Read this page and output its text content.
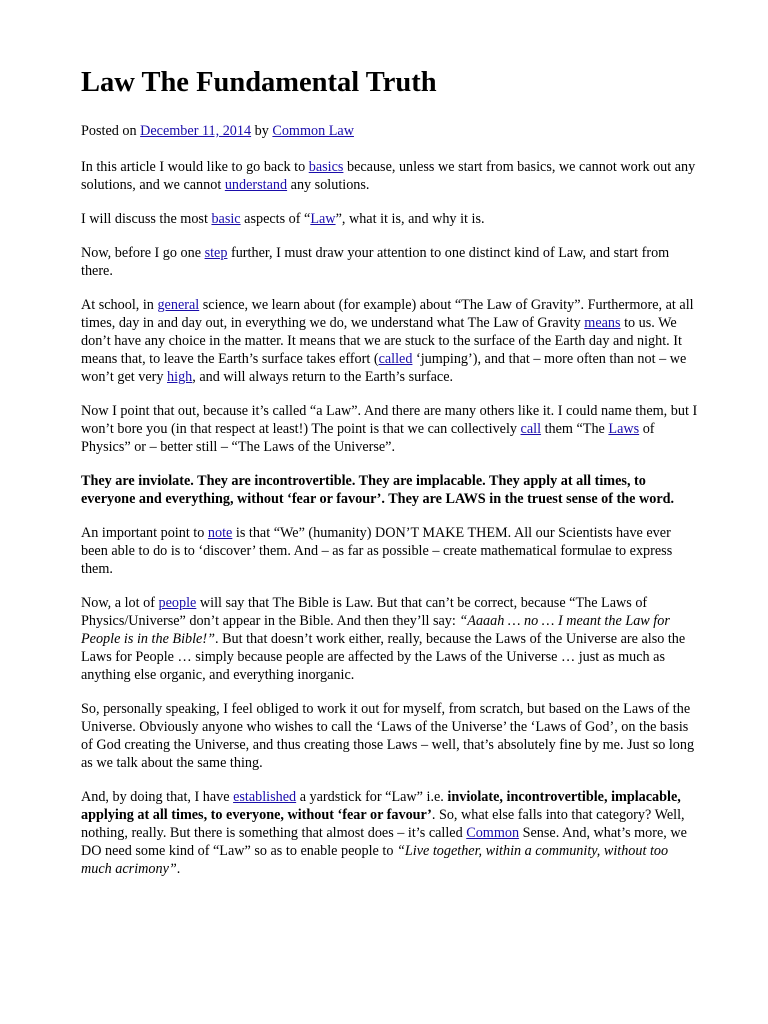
Law The Fundamental Truth

Posted on December 11, 2014 by Common Law

In this article I would like to go back to basics because, unless we start from basics, we cannot work out any solutions, and we cannot understand any solutions.

I will discuss the most basic aspects of “Law”, what it is, and why it is.

Now, before I go one step further, I must draw your attention to one distinct kind of Law, and start from there.

At school, in general science, we learn about (for example) about “The Law of Gravity”. Furthermore, at all times, day in and day out, in everything we do, we understand what The Law of Gravity means to us. We don’t have any choice in the matter. It means that we are stuck to the surface of the Earth day and night. It means that, to leave the Earth’s surface takes effort (called ‘jumping’), and that – more often than not – we won’t get very high, and will always return to the Earth’s surface.

Now I point that out, because it’s called “a Law”. And there are many others like it. I could name them, but I won’t bore you (in that respect at least!) The point is that we can collectively call them “The Laws of Physics” or – better still – “The Laws of the Universe”.

They are inviolate. They are incontrovertible. They are implacable. They apply at all times, to everyone and everything, without ‘fear or favour’. They are LAWS in the truest sense of the word.

An important point to note is that “We” (humanity) DON’T MAKE THEM. All our Scientists have ever been able to do is to ‘discover’ them. And – as far as possible – create mathematical formulae to express them.

Now, a lot of people will say that The Bible is Law. But that can’t be correct, because “The Laws of Physics/Universe” don’t appear in the Bible. And then they’ll say: “Aaaah … no … I meant the Law for People is in the Bible!”. But that doesn’t work either, really, because the Laws of the Universe are also the Laws for People … simply because people are affected by the Laws of the Universe … just as much as anything else organic, and everything inorganic.

So, personally speaking, I feel obliged to work it out for myself, from scratch, but based on the Laws of the Universe. Obviously anyone who wishes to call the ‘Laws of the Universe’ the ‘Laws of God’, on the basis of God creating the Universe, and thus creating those Laws – well, that’s absolutely fine by me. Just so long as we talk about the same thing.

And, by doing that, I have established a yardstick for “Law” i.e. inviolate, incontrovertible, implacable, applying at all times, to everyone, without ‘fear or favour’. So, what else falls into that category? Well, nothing, really. But there is something that almost does – it’s called Common Sense. And, what’s more, we DO need some kind of “Law” so as to enable people to “Live together, within a community, without too much acrimony”.
